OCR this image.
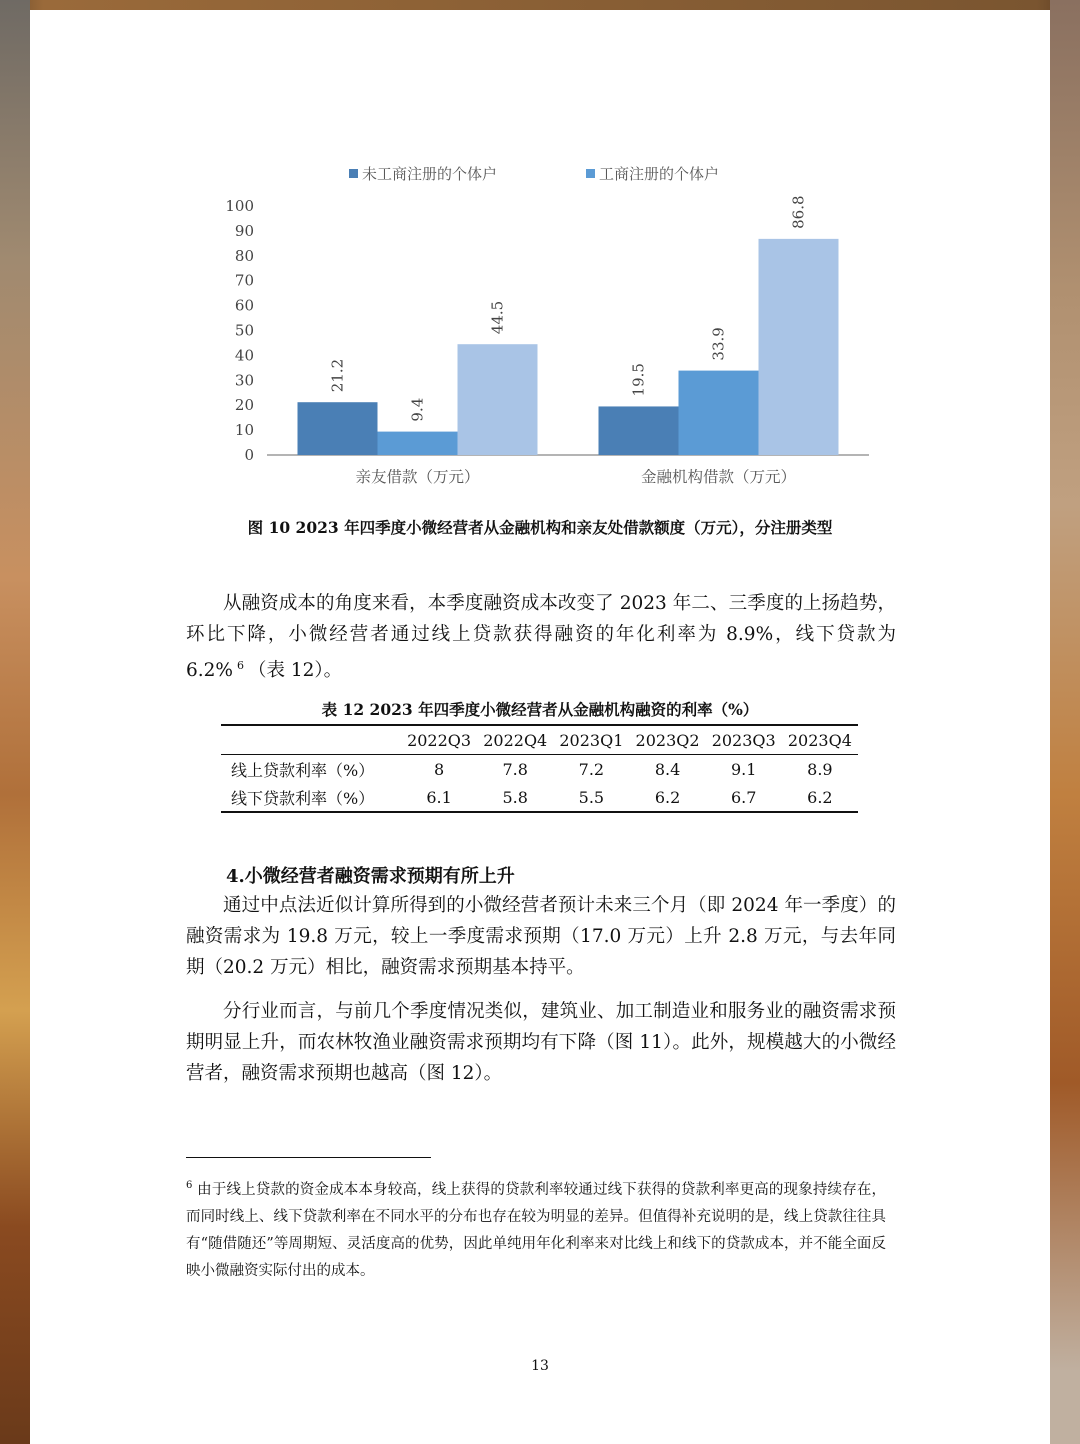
未工商注册的个体户	工商注册的个体户
0
10
20
30
40
50
60
70
80
90
100
21.2
9.4
44.5
亲友借款（万元）
19.5
33.9
86.8
金融机构借款（万元）
图 10 2023 年四季度小微经营者从金融机构和亲友处借款额度（万元），分注册类型

从融资成本的角度来看，本季度融资成本改变了 2023 年二、三季度的上扬趋势，环比下降，小微经营者通过线上贷款获得融资的年化利率为 8.9%，线下贷款为 6.2% $^6$ （表 12）。

表 12 2023 年四季度小微经营者从金融机构融资的利率（%）
	2022Q3	2022Q4	2023Q1	2023Q2	2023Q3	2023Q4
线上贷款利率（%）	8	7.8	7.2	8.4	9.1	8.9
线下贷款利率（%）	6.1	5.8	5.5	6.2	6.7	6.2
4.小微经营者融资需求预期有所上升

通过中点法近似计算所得到的小微经营者预计未来三个月（即 2024 年一季度）的融资需求为 19.8 万元，较上一季度需求预期（17.0 万元）上升 2.8 万元，与去年同期（20.2 万元）相比，融资需求预期基本持平。

分行业而言，与前几个季度情况类似，建筑业、加工制造业和服务业的融资需求预期明显上升，而农林牧渔业融资需求预期均有下降（图 11）。此外，规模越大的小微经营者，融资需求预期也越高（图 12）。

$^6$ 由于线上贷款的资金成本本身较高，线上获得的贷款利率较通过线下获得的贷款利率更高的现象持续存在，而同时线上、线下贷款利率在不同水平的分布也存在较为明显的差异。但值得补充说明的是，线上贷款往往具有“随借随还”等周期短、灵活度高的优势，因此单纯用年化利率来对比线上和线下的贷款成本，并不能全面反映小微融资实际付出的成本。
13
